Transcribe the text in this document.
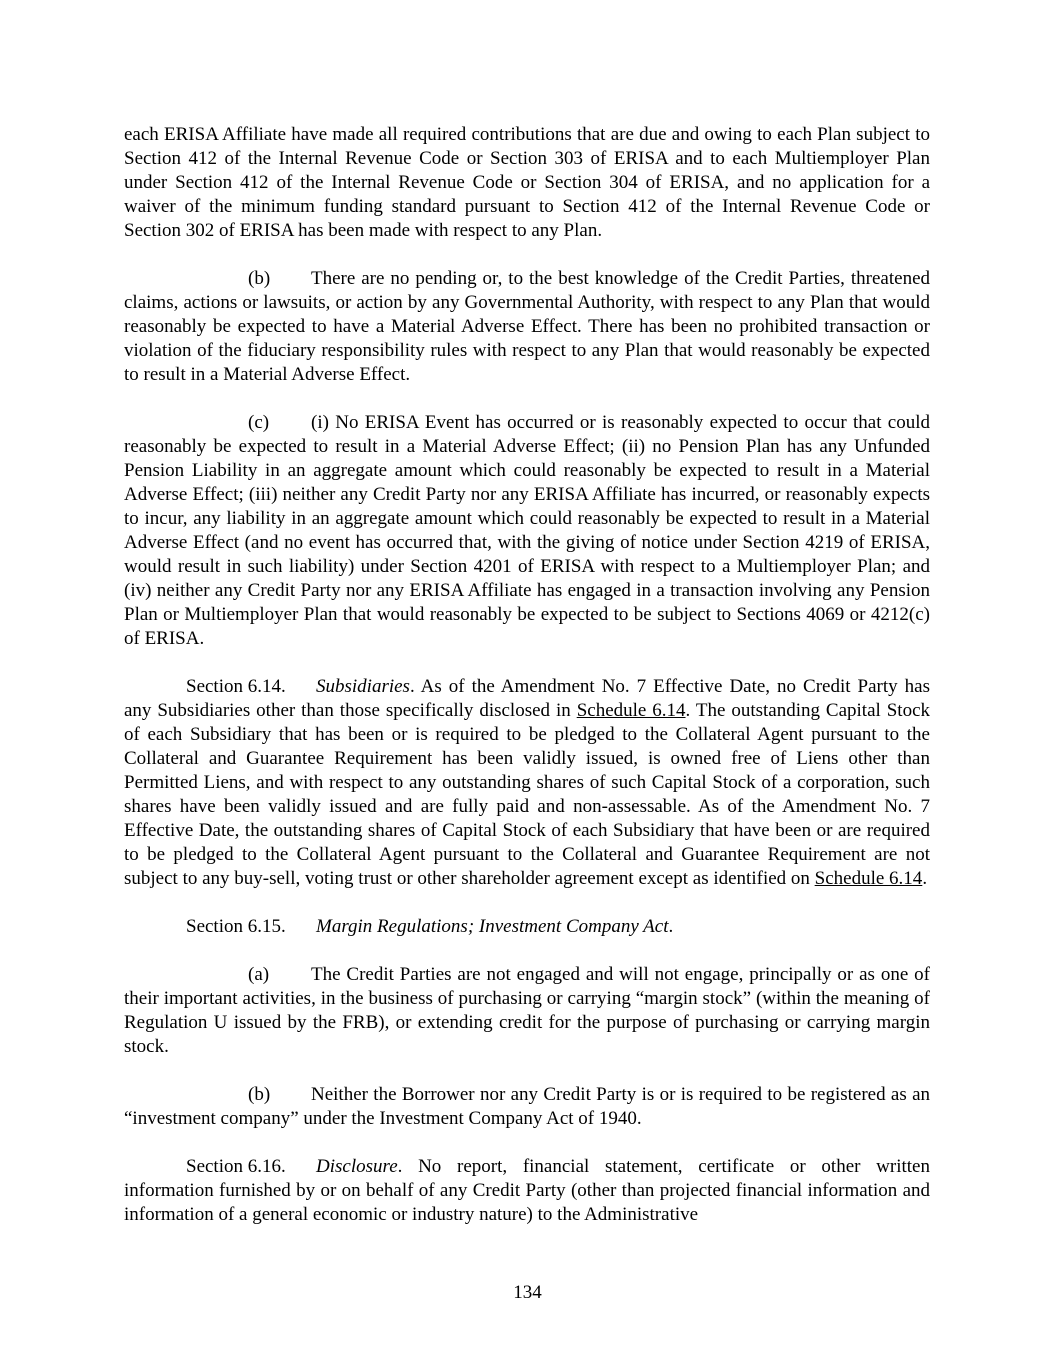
each ERISA Affiliate have made all required contributions that are due and owing to each Plan subject to Section 412 of the Internal Revenue Code or Section 303 of ERISA and to each Multiemployer Plan under Section 412 of the Internal Revenue Code or Section 304 of ERISA, and no application for a waiver of the minimum funding standard pursuant to Section 412 of the Internal Revenue Code or Section 302 of ERISA has been made with respect to any Plan.

(b) There are no pending or, to the best knowledge of the Credit Parties, threatened claims, actions or lawsuits, or action by any Governmental Authority, with respect to any Plan that would reasonably be expected to have a Material Adverse Effect. There has been no prohibited transaction or violation of the fiduciary responsibility rules with respect to any Plan that would reasonably be expected to result in a Material Adverse Effect.

(c) (i) No ERISA Event has occurred or is reasonably expected to occur that could reasonably be expected to result in a Material Adverse Effect; (ii) no Pension Plan has any Unfunded Pension Liability in an aggregate amount which could reasonably be expected to result in a Material Adverse Effect; (iii) neither any Credit Party nor any ERISA Affiliate has incurred, or reasonably expects to incur, any liability in an aggregate amount which could reasonably be expected to result in a Material Adverse Effect (and no event has occurred that, with the giving of notice under Section 4219 of ERISA, would result in such liability) under Section 4201 of ERISA with respect to a Multiemployer Plan; and (iv) neither any Credit Party nor any ERISA Affiliate has engaged in a transaction involving any Pension Plan or Multiemployer Plan that would reasonably be expected to be subject to Sections 4069 or 4212(c) of ERISA.

Section 6.14. Subsidiaries. As of the Amendment No. 7 Effective Date, no Credit Party has any Subsidiaries other than those specifically disclosed in Schedule 6.14. The outstanding Capital Stock of each Subsidiary that has been or is required to be pledged to the Collateral Agent pursuant to the Collateral and Guarantee Requirement has been validly issued, is owned free of Liens other than Permitted Liens, and with respect to any outstanding shares of such Capital Stock of a corporation, such shares have been validly issued and are fully paid and non-assessable. As of the Amendment No. 7 Effective Date, the outstanding shares of Capital Stock of each Subsidiary that have been or are required to be pledged to the Collateral Agent pursuant to the Collateral and Guarantee Requirement are not subject to any buy-sell, voting trust or other shareholder agreement except as identified on Schedule 6.14.

Section 6.15. Margin Regulations; Investment Company Act.

(a) The Credit Parties are not engaged and will not engage, principally or as one of their important activities, in the business of purchasing or carrying “margin stock” (within the meaning of Regulation U issued by the FRB), or extending credit for the purpose of purchasing or carrying margin stock.

(b) Neither the Borrower nor any Credit Party is or is required to be registered as an “investment company” under the Investment Company Act of 1940.

Section 6.16. Disclosure. No report, financial statement, certificate or other written information furnished by or on behalf of any Credit Party (other than projected financial information and information of a general economic or industry nature) to the Administrative

134
